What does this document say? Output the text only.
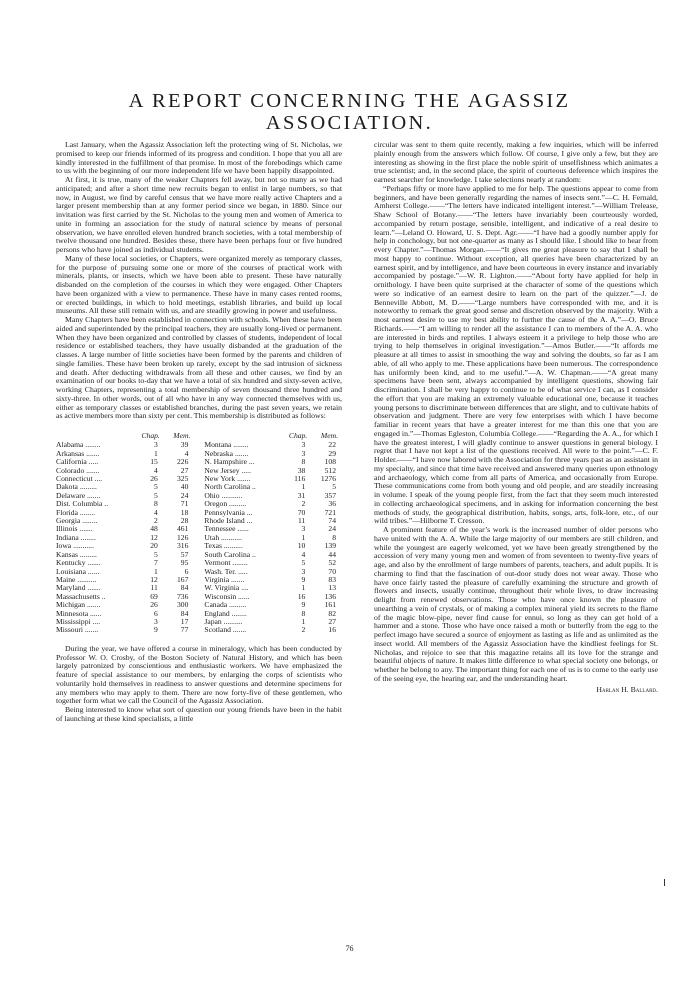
A REPORT CONCERNING THE AGASSIZ
ASSOCIATION.

Last January, when the Agassiz Association left the protecting wing of St. Nicholas, we promised to keep our friends informed of its progress and condition. I hope that you all are kindly interested in the fulfillment of that promise. In most of the forebodings which came to us with the beginning of our more independent life we have been happily disappointed.

At first, it is true, many of the weaker Chapters fell away, but not so many as we had anticipated; and after a short time new recruits began to enlist in large numbers, so that now, in August, we find by careful census that we have more really active Chapters and a larger present membership than at any former period since we began, in 1880. Since our invitation was first carried by the St. Nicholas to the young men and women of America to unite in forming an association for the study of natural science by means of personal observation, we have enrolled eleven hundred branch societies, with a total membership of twelve thousand one hundred. Besides these, there have been perhaps four or five hundred persons who have joined as individual students.

Many of these local societies, or Chapters, were organized merely as temporary classes, for the purpose of pursuing some one or more of the courses of practical work with minerals, plants, or insects, which we have been able to present. These have naturally disbanded on the completion of the courses in which they were engaged. Other Chapters have been organized with a view to permanence. These have in many cases rented rooms, or erected buildings, in which to hold meetings, establish libraries, and build up local museums. All these still remain with us, and are steadily growing in power and usefulness.

Many Chapters have been established in connection with schools. When these have been aided and superintended by the principal teachers, they are usually long-lived or permanent. When they have been organized and controlled by classes of students, independent of local residence or established teachers, they have usually disbanded at the graduation of the classes. A large number of little societies have been formed by the parents and children of single families. These have been broken up rarely, except by the sad intrusion of sickness and death. After deducting withdrawals from all these and other causes, we find by an examination of our books to-day that we have a total of six hundred and sixty-seven active, working Chapters, representing a total membership of seven thousand three hundred and sixty-three. In other words, out of all who have in any way connected themselves with us, either as temporary classes or established branches, during the past seven years, we retain as active members more than sixty per cent. This membership is distributed as follows:

	Chap.	Mem.			Chap.	Mem.
Alabama ........	3	39		Montana ........	3	22
Arkansas .......	1	4		Nebraska .......	3	29
California .....	15	226		N. Hampshire ...	8	108
Colorado .......	4	27		New Jersey .....	38	512
Connecticut ....	26	325		New York .......	116	1276
Dakota .........	5	40		North Carolina ..	1	5
Delaware .......	5	24		Ohio ...........	31	357
Dist. Columbia ..	8	71		Oregon .........	2	36
Florida ........	4	18		Pennsylvania ...	70	721
Georgia ........	2	28		Rhode Island ...	11	74
Illinois .......	48	461		Tennessee ......	3	24
Indiana ........	12	126		Utah ...........	1	8
Iowa ...........	20	316		Texas ..........	10	139
Kansas .........	5	57		South Carolina ..	4	44
Kentucky .......	7	95		Vermont ........	5	52
Louisiana ......	1	6		Wash. Ter. .....	3	70
Maine ..........	12	167		Virginia .......	9	83
Maryland .......	11	84		W. Virginia ....	1	13
Massachusetts ..	69	736		Wisconsin ......	16	136
Michigan .......	26	300		Canada .........	9	161
Minnesota ......	6	84		England ........	8	82
Mississippi ....	3	17		Japan ..........	1	27
Missouri .......	9	77		Scotland .......	2	16

During the year, we have offered a course in mineralogy, which has been conducted by Professor W. O. Crosby, of the Boston Society of Natural History, and which has been largely patronized by conscientious and enthusiastic workers. We have emphasized the feature of special assistance to our members, by enlarging the corps of scientists who voluntarily hold themselves in readiness to answer questions and determine specimens for any members who may apply to them. There are now forty-five of these gentlemen, who together form what we call the Council of the Agassiz Association.

Being interested to know what sort of question our young friends have been in the habit of launching at these kind specialists, a little

circular was sent to them quite recently, making a few inquiries, which will be inferred plainly enough from the answers which follow. Of course, I give only a few, but they are interesting as showing in the first place the noble spirit of unselfishness which animates a true scientist; and, in the second place, the spirit of courteous deference which inspires the earnest searcher for knowledge. I take selections nearly at random:

“Perhaps fifty or more have applied to me for help. The questions appear to come from beginners, and have been generally regarding the names of insects sent.”—C. H. Fernald, Amherst College.——“The letters have indicated intelligent interest.”—William Trelease, Shaw School of Botany.——“The letters have invariably been courteously worded, accompanied by return postage, sensible, intelligent, and indicative of a real desire to learn.”—Leland O. Howard, U. S. Dept. Agr.——“I have had a goodly number apply for help in conchology, but not one-quarter as many as I should like. I should like to hear from every Chapter.”—Thomas Morgan.——“It gives me great pleasure to say that I shall be most happy to continue. Without exception, all queries have been characterized by an earnest spirit, and by intelligence, and have been courteous in every instance and invariably accompanied by postage.”—W. R. Lighton.——“About forty have applied for help in ornithology. I have been quite surprised at the character of some of the questions which were so indicative of an earnest desire to learn on the part of the quizzer.”—J. de Benneville Abbott, M. D.——“Large numbers have corresponded with me, and it is noteworthy to remark the great good sense and discretion observed by the majority. With a most earnest desire to use my best ability to further the cause of the A. A.”—O. Bruce Richards.——“I am willing to render all the assistance I can to members of the A. A. who are interested in birds and reptiles. I always esteem it a privilege to help those who are trying to help themselves in original investigation.”—Amos Butler.——“It affords me pleasure at all times to assist in smoothing the way and solving the doubts, so far as I am able, of all who apply to me. These applications have been numerous. The correspondence has uniformly been kind, and to me useful.”—A. W. Chapman.——“A great many specimens have been sent, always accompanied by intelligent questions, showing fair discrimination. I shall be very happy to continue to be of what service I can, as I consider the effort that you are making an extremely valuable educational one, because it teaches young persons to discriminate between differences that are slight, and to cultivate habits of observation and judgment. There are very few enterprises with which I have become familiar in recent years that have a greater interest for me than this one that you are engaged in.”—Thomas Egleston, Columbia College.——“Regarding the A. A., for which I have the greatest interest, I will gladly continue to answer questions in general biology. I regret that I have not kept a list of the questions received. All were to the point.”—C. F. Holder.——“I have now labored with the Association for three years past as an assistant in my specialty, and since that time have received and answered many queries upon ethnology and archaeology, which come from all parts of America, and occasionally from Europe. These communications come from both young and old people, and are steadily increasing in volume. I speak of the young people first, from the fact that they seem much interested in collecting archaeological specimens, and in asking for information concerning the best methods of study, the geographical distribution, habits, songs, arts, folk-lore, etc., of our wild tribes.”—Hilborne T. Cresson.

A prominent feature of the year’s work is the increased number of older persons who have united with the A. A. While the large majority of our members are still children, and while the youngest are eagerly welcomed, yet we have been greatly strengthened by the accession of very many young men and women of from seventeen to twenty-five years of age, and also by the enrollment of large numbers of parents, teachers, and adult pupils. It is charming to find that the fascination of out-door study does not wear away. Those who have once fairly tasted the pleasure of carefully examining the structure and growth of flowers and insects, usually continue, throughout their whole lives, to draw increasing delight from renewed observations. Those who have once known the pleasure of unearthing a vein of crystals, or of making a complex mineral yield its secrets to the flame of the magic blow-pipe, never find cause for ennui, so long as they can get hold of a hammer and a stone. Those who have once raised a moth or butterfly from the egg to the perfect imago have secured a source of enjoyment as lasting as life and as unlimited as the insect world. All members of the Agassiz Association have the kindliest feelings for St. Nicholas, and rejoice to see that this magazine retains all its love for the strange and beautiful objects of nature. It makes little difference to what special society one belongs, or whether he belong to any. The important thing for each one of us is to come to the early use of the seeing eye, the hearing ear, and the understanding heart.

Harlan H. Ballard.
76
